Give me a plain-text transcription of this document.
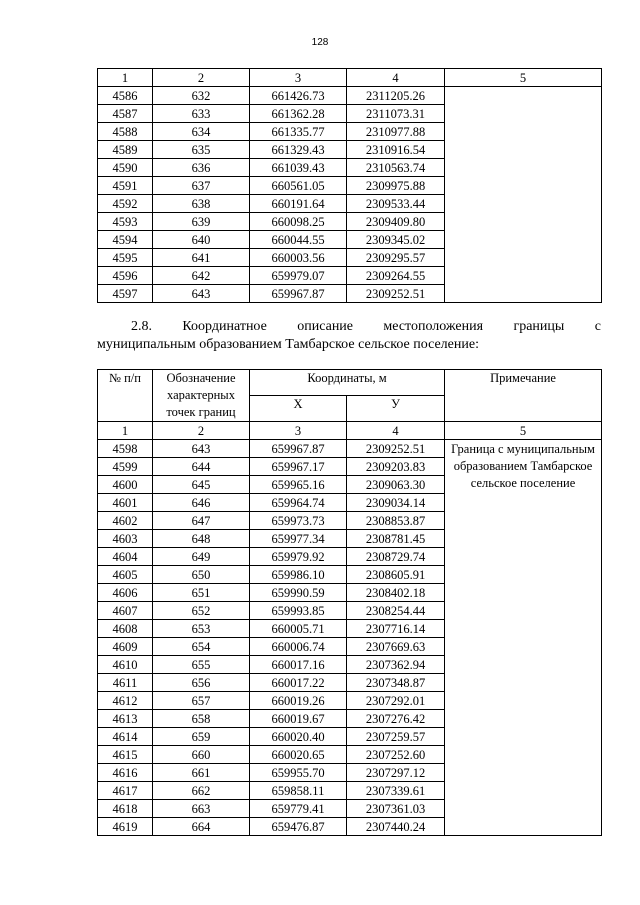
128
1	2	3	4	5
4586	632	661426.73	2311205.26	
4587	633	661362.28	2311073.31	
4588	634	661335.77	2310977.88	
4589	635	661329.43	2310916.54	
4590	636	661039.43	2310563.74	
4591	637	660561.05	2309975.88	
4592	638	660191.64	2309533.44	
4593	639	660098.25	2309409.80	
4594	640	660044.55	2309345.02	
4595	641	660003.56	2309295.57	
4596	642	659979.07	2309264.55	
4597	643	659967.87	2309252.51	
2.8. Координатное описание местоположения границы с
муниципальным образованием Тамбарское сельское поселение:
№ п/п	Обозначение характерных точек границ	Координаты, м		Примечание
		X	У	
1	2	3	4	5
4598	643	659967.87	2309252.51	Граница с муниципальным образованием Тамбарское сельское поселение
4599	644	659967.17	2309203.83	
4600	645	659965.16	2309063.30	
4601	646	659964.74	2309034.14	
4602	647	659973.73	2308853.87	
4603	648	659977.34	2308781.45	
4604	649	659979.92	2308729.74	
4605	650	659986.10	2308605.91	
4606	651	659990.59	2308402.18	
4607	652	659993.85	2308254.44	
4608	653	660005.71	2307716.14	
4609	654	660006.74	2307669.63	
4610	655	660017.16	2307362.94	
4611	656	660017.22	2307348.87	
4612	657	660019.26	2307292.01	
4613	658	660019.67	2307276.42	
4614	659	660020.40	2307259.57	
4615	660	660020.65	2307252.60	
4616	661	659955.70	2307297.12	
4617	662	659858.11	2307339.61	
4618	663	659779.41	2307361.03	
4619	664	659476.87	2307440.24	
